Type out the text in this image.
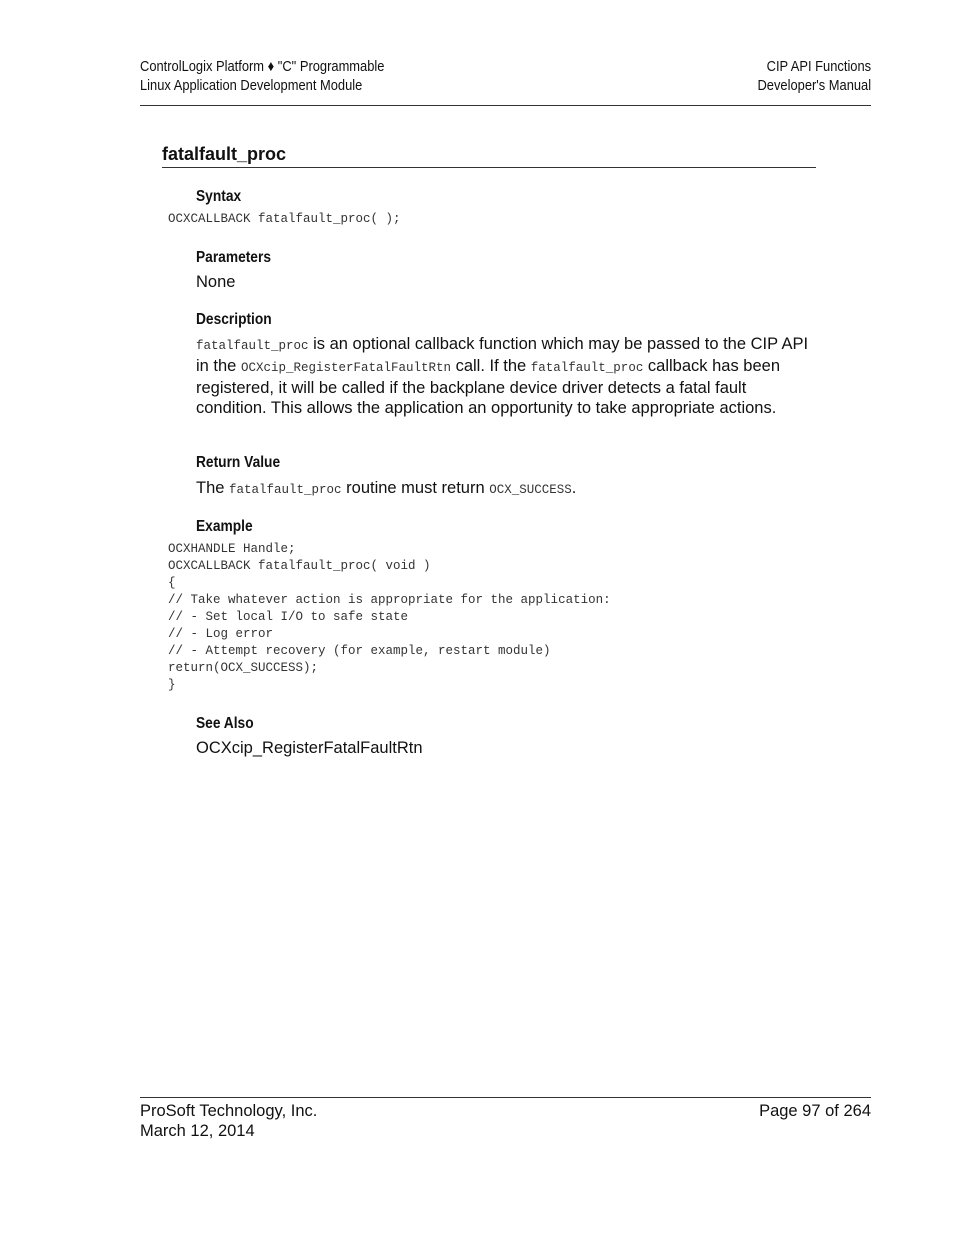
ControlLogix Platform ♦ "C" Programmable
Linux Application Development Module
CIP API Functions
Developer's Manual
fatalfault_proc
Syntax
OCXCALLBACK fatalfault_proc( );
Parameters
None
Description
fatalfault_proc is an optional callback function which may be passed to the CIP API in the OCXcip_RegisterFatalFaultRtn call. If the fatalfault_proc callback has been registered, it will be called if the backplane device driver detects a fatal fault condition. This allows the application an opportunity to take appropriate actions.
Return Value
The fatalfault_proc routine must return OCX_SUCCESS.
Example
OCXHANDLE Handle;
OCXCALLBACK fatalfault_proc( void )
{
// Take whatever action is appropriate for the application:
// - Set local I/O to safe state
// - Log error
// - Attempt recovery (for example, restart module)
return(OCX_SUCCESS);
}
See Also
OCXcip_RegisterFatalFaultRtn
ProSoft Technology, Inc.
March 12, 2014
Page 97 of 264
